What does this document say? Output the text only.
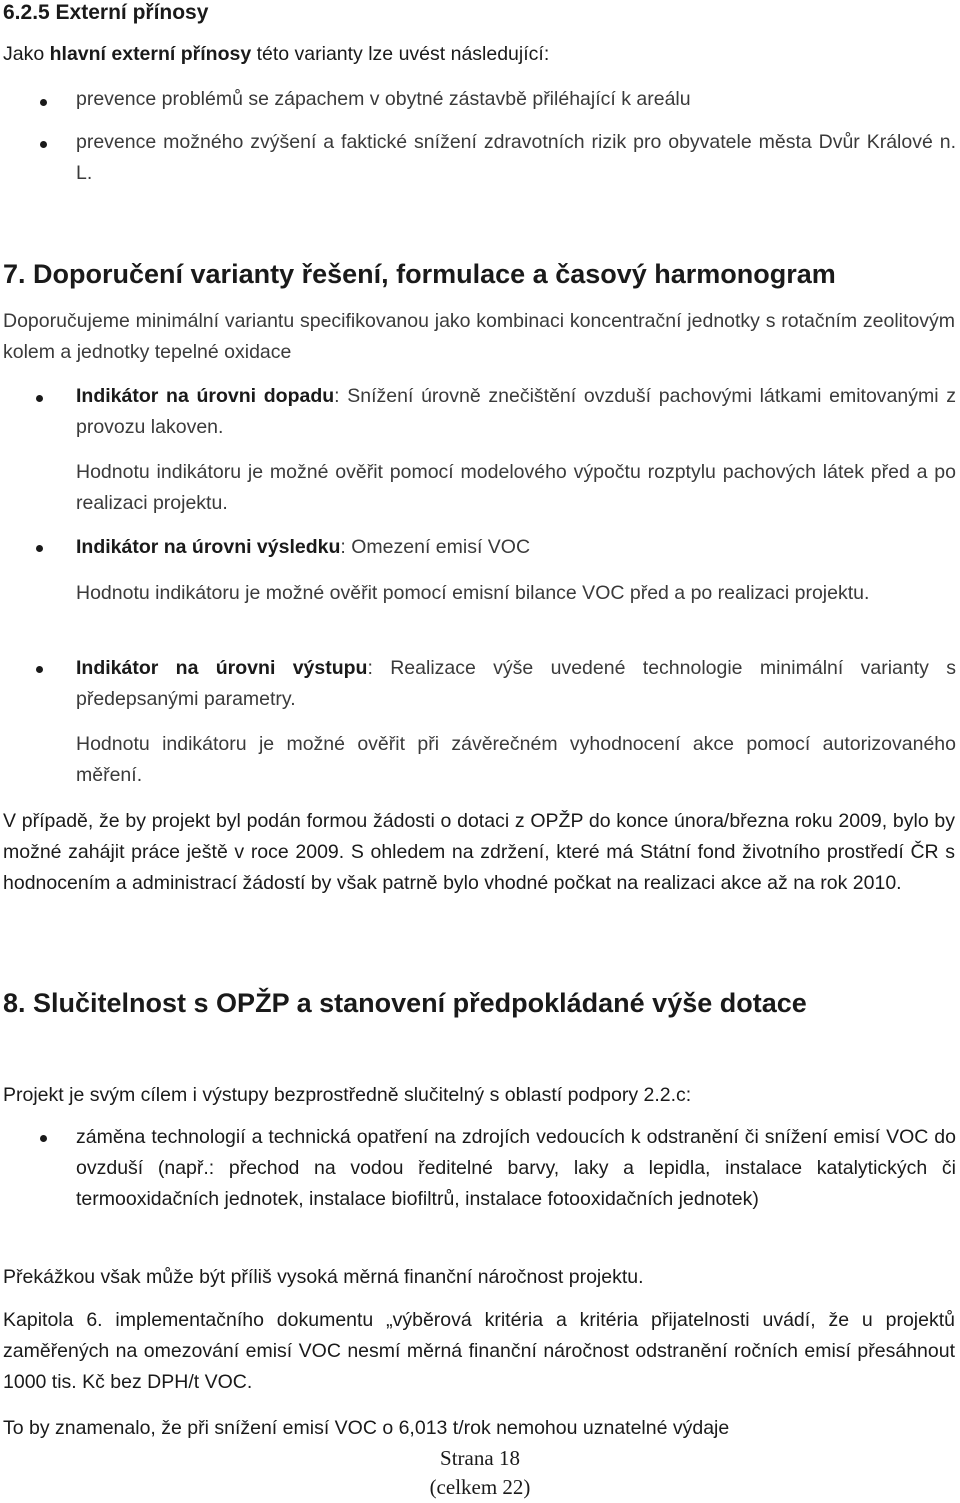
6.2.5 Externí přínosy
Jako hlavní externí přínosy této varianty lze uvést následující:
prevence problémů se zápachem v obytné zástavbě přiléhající k areálu
prevence možného zvýšení a faktické snížení zdravotních rizik pro obyvatele města Dvůr Králové n. L.
7. Doporučení varianty řešení, formulace a časový harmonogram
Doporučujeme minimální variantu specifikovanou jako kombinaci koncentrační jednotky s rotačním zeolitovým kolem a jednotky tepelné oxidace
Indikátor na úrovni dopadu: Snížení úrovně znečištění ovzduší pachovými látkami emitovanými z provozu lakoven.
Hodnotu indikátoru je možné ověřit pomocí modelového výpočtu rozptylu pachových látek před a po realizaci projektu.
Indikátor na úrovni výsledku: Omezení emisí VOC
Hodnotu indikátoru je možné ověřit pomocí emisní bilance VOC před a po realizaci projektu.
Indikátor na úrovni výstupu: Realizace výše uvedené technologie minimální varianty s předepsanými parametry.
Hodnotu indikátoru je možné ověřit při závěrečném vyhodnocení akce pomocí autorizovaného měření.
V případě, že by projekt byl podán formou žádosti o dotaci z OPŽP do konce února/března roku 2009, bylo by možné zahájit práce ještě v roce 2009. S ohledem na zdržení, které má Státní fond životního prostředí ČR s hodnocením a administrací žádostí by však patrně bylo vhodné počkat na realizaci akce až na rok 2010.
8. Slučitelnost s OPŽP a stanovení předpokládané výše dotace
Projekt je svým cílem i výstupy bezprostředně slučitelný s oblastí podpory 2.2.c:
záměna technologií a technická opatření na zdrojích vedoucích k odstranění či snížení emisí VOC do ovzduší (např.: přechod na vodou ředitelné barvy, laky a lepidla, instalace katalytických či termooxidačních jednotek, instalace biofiltrů, instalace fotooxidačních jednotek)
Překážkou však může být příliš vysoká měrná finanční náročnost projektu.
Kapitola 6. implementačního dokumentu „výběrová kritéria a kritéria přijatelnosti uvádí, že u projektů zaměřených na omezování emisí VOC nesmí měrná finanční náročnost odstranění ročních emisí přesáhnout 1000 tis. Kč bez DPH/t VOC.
To by znamenalo, že při snížení emisí VOC o 6,013 t/rok nemohou uznatelné výdaje
Strana 18
(celkem 22)
